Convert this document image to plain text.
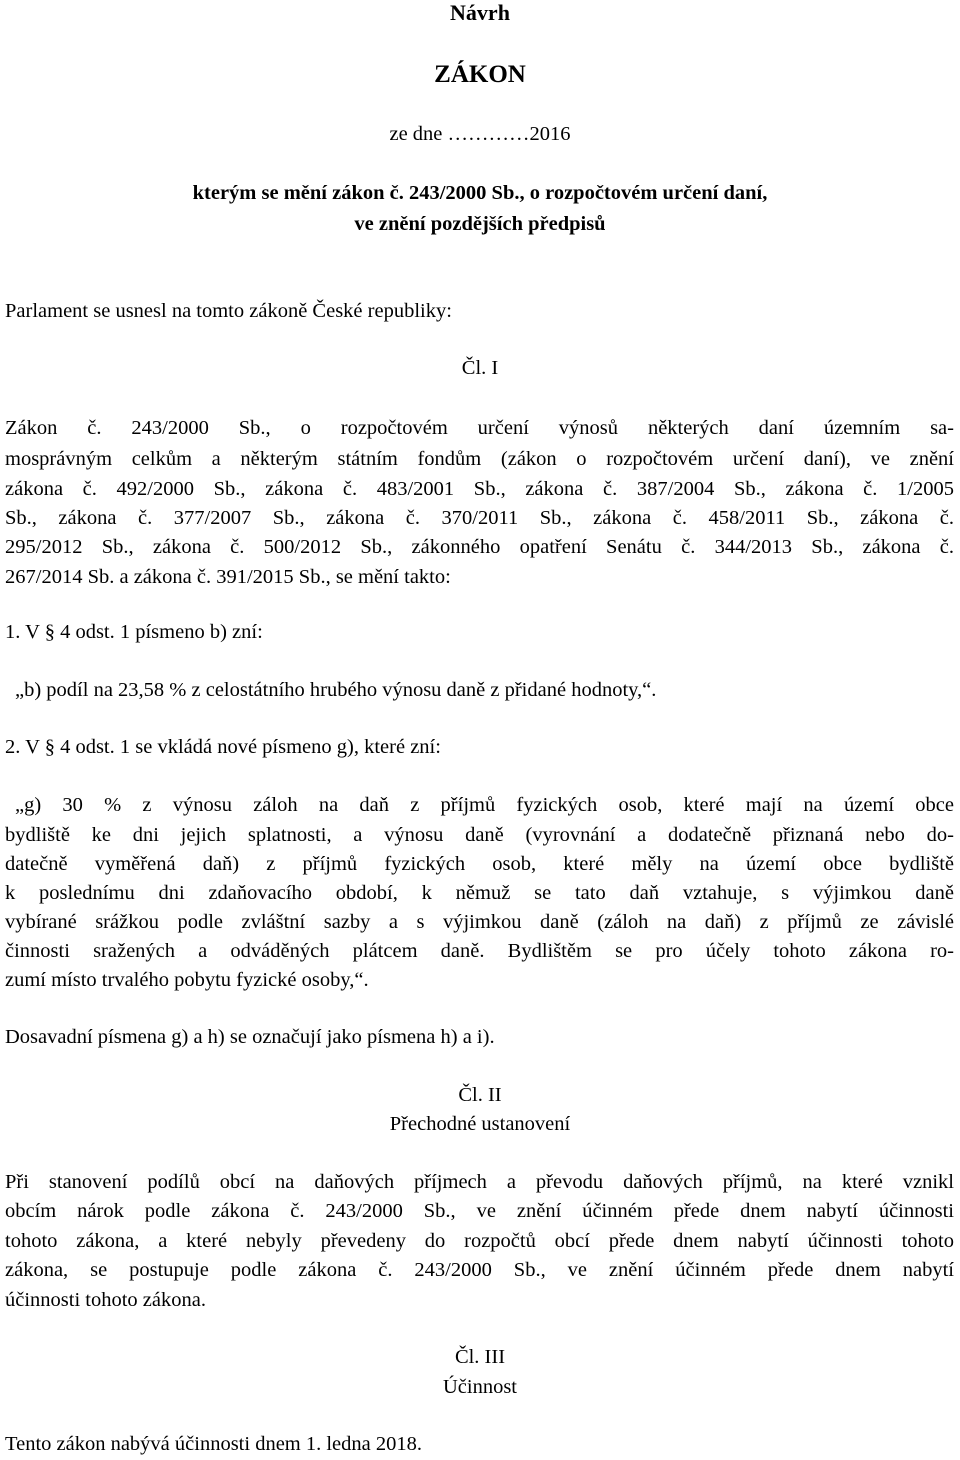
Návrh
ZÁKON
ze dne …………2016
kterým se mění zákon č. 243/2000 Sb., o rozpočtovém určení daní,
ve znění pozdějších předpisů
Parlament se usnesl na tomto zákoně České republiky:
Čl. I
Zákon č. 243/2000 Sb., o rozpočtovém určení výnosů některých daní územním sa-
mosprávným celkům a některým státním fondům (zákon o rozpočtovém určení daní), ve znění
zákona č. 492/2000 Sb., zákona č. 483/2001 Sb., zákona č. 387/2004 Sb., zákona č. 1/2005
Sb., zákona č. 377/2007 Sb., zákona č. 370/2011 Sb., zákona č. 458/2011 Sb., zákona č.
295/2012 Sb., zákona č. 500/2012 Sb., zákonného opatření Senátu č. 344/2013 Sb., zákona č.
267/2014 Sb. a zákona č. 391/2015 Sb., se mění takto:
1. V § 4 odst. 1 písmeno b) zní:
„b) podíl na 23,58 % z celostátního hrubého výnosu daně z přidané hodnoty,“.
2. V § 4 odst. 1 se vkládá nové písmeno g), které zní:
„g) 30 % z výnosu záloh na daň z příjmů fyzických osob, které mají na území obce
bydliště ke dni jejich splatnosti, a výnosu daně (vyrovnání a dodatečně přiznaná nebo do-
datečně vyměřená daň) z příjmů fyzických osob, které měly na území obce bydliště
k poslednímu dni zdaňovacího období, k němuž se tato daň vztahuje, s výjimkou daně
vybírané srážkou podle zvláštní sazby a s výjimkou daně (záloh na daň) z příjmů ze závislé
činnosti sražených a odváděných plátcem daně. Bydlištěm se pro účely tohoto zákona ro-
zumí místo trvalého pobytu fyzické osoby,“.
Dosavadní písmena g) a h) se označují jako písmena h) a i).
Čl. II
Přechodné ustanovení
Při stanovení podílů obcí na daňových příjmech a převodu daňových příjmů, na které vznikl
obcím nárok podle zákona č. 243/2000 Sb., ve znění účinném přede dnem nabytí účinnosti
tohoto zákona, a které nebyly převedeny do rozpočtů obcí přede dnem nabytí účinnosti tohoto
zákona, se postupuje podle zákona č. 243/2000 Sb., ve znění účinném přede dnem nabytí
účinnosti tohoto zákona.
Čl. III
Účinnost
Tento zákon nabývá účinnosti dnem 1. ledna 2018.
